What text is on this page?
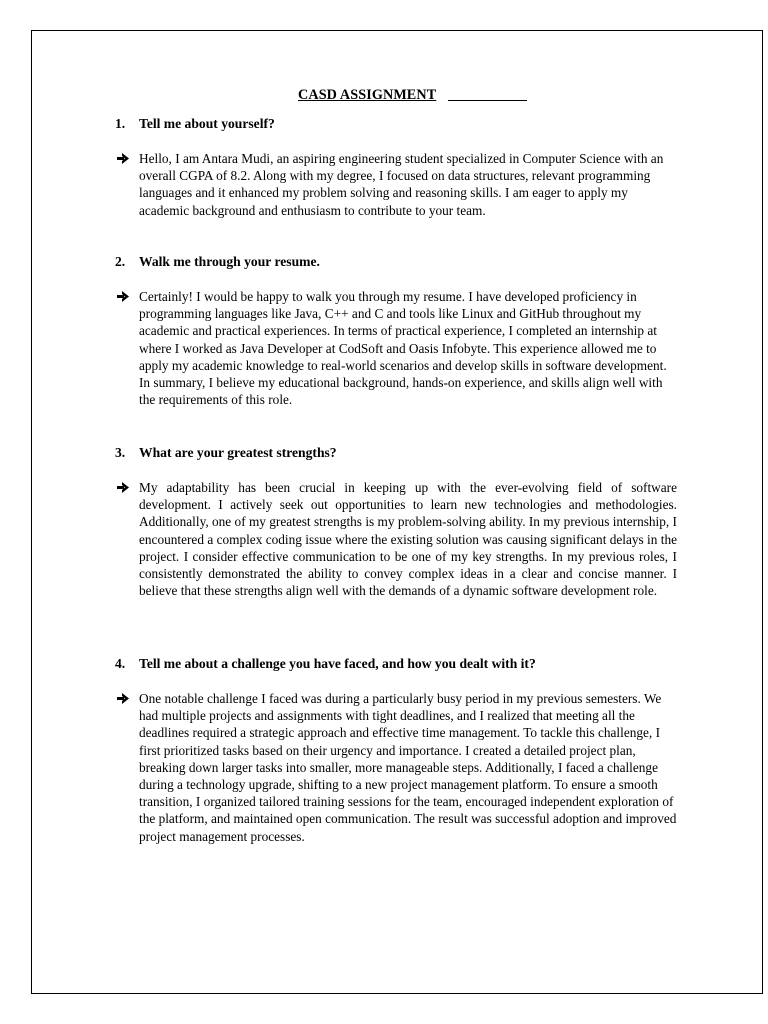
CASD ASSIGNMENT

1. Tell me about yourself?

Hello, I am Antara Mudi, an aspiring engineering student specialized in Computer Science with an overall CGPA of 8.2. Along with my degree, I focused on data structures, relevant programming languages and it enhanced my problem solving and reasoning skills. I am eager to apply my academic background and enthusiasm to contribute to your team.

2. Walk me through your resume.

Certainly! I would be happy to walk you through my resume. I have developed proficiency in programming languages like Java, C++ and C and tools like Linux and GitHub throughout my academic and practical experiences. In terms of practical experience, I completed an internship at where I worked as Java Developer at CodSoft and Oasis Infobyte. This experience allowed me to apply my academic knowledge to real-world scenarios and develop skills in software development. In summary, I believe my educational background, hands-on experience, and skills align well with the requirements of this role.

3. What are your greatest strengths?

My adaptability has been crucial in keeping up with the ever-evolving field of software development. I actively seek out opportunities to learn new technologies and methodologies. Additionally, one of my greatest strengths is my problem-solving ability. In my previous internship, I encountered a complex coding issue where the existing solution was causing significant delays in the project. I consider effective communication to be one of my key strengths. In my previous roles, I consistently demonstrated the ability to convey complex ideas in a clear and concise manner. I believe that these strengths align well with the demands of a dynamic software development role.

4. Tell me about a challenge you have faced, and how you dealt with it?

One notable challenge I faced was during a particularly busy period in my previous semesters. We had multiple projects and assignments with tight deadlines, and I realized that meeting all the deadlines required a strategic approach and effective time management. To tackle this challenge, I first prioritized tasks based on their urgency and importance. I created a detailed project plan, breaking down larger tasks into smaller, more manageable steps. Additionally, I faced a challenge during a technology upgrade, shifting to a new project management platform. To ensure a smooth transition, I organized tailored training sessions for the team, encouraged independent exploration of the platform, and maintained open communication. The result was successful adoption and improved project management processes.
